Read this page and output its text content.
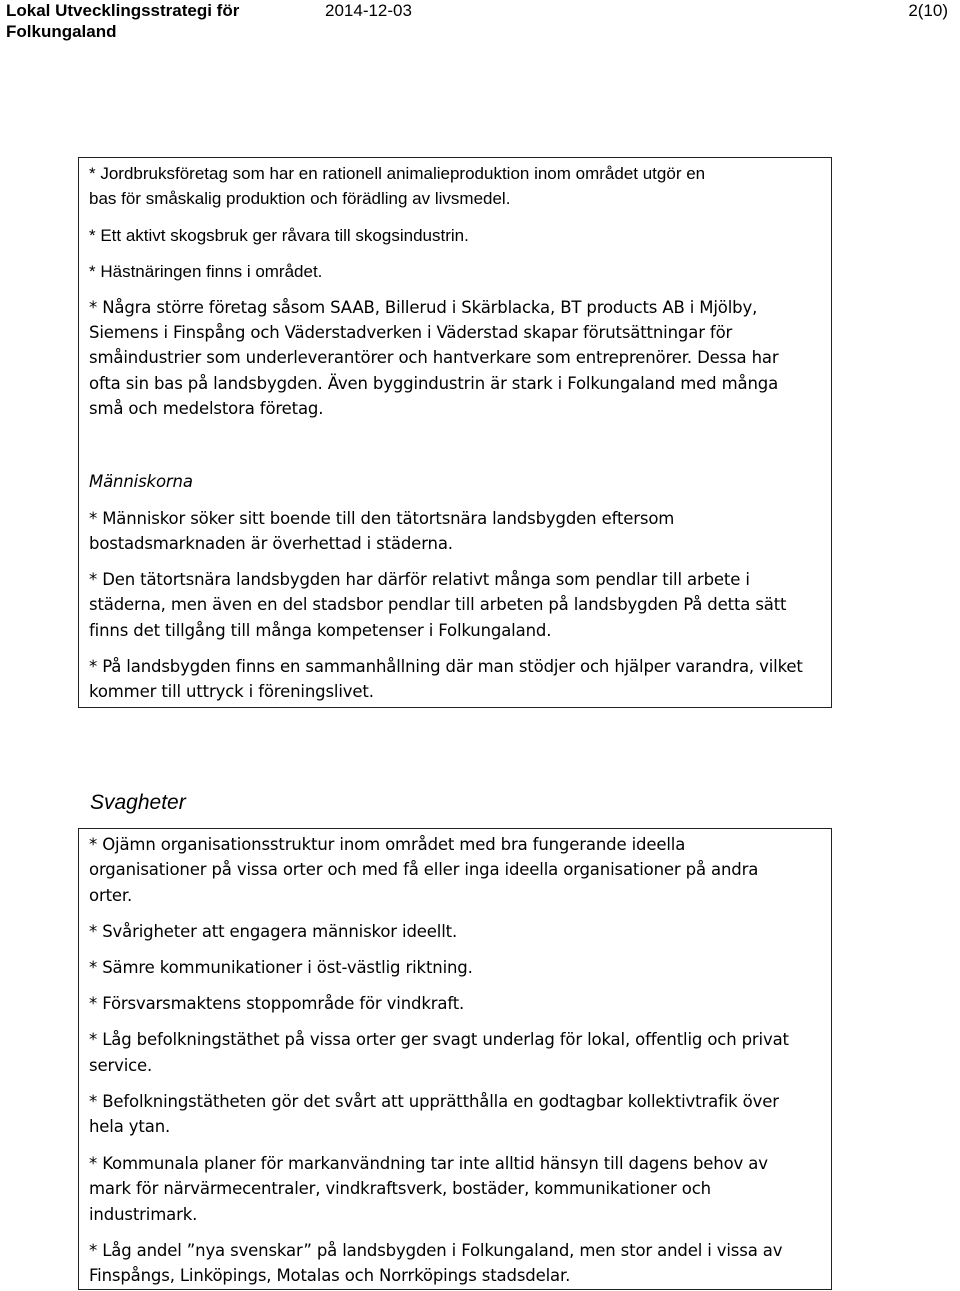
Lokal Utvecklingsstrategi för
Folkungaland
2014-12-03	2(10)

* Jordbruksföretag som har en rationell animalieproduktion inom området utgör en

bas för småskalig produktion och förädling av livsmedel.

* Ett aktivt skogsbruk ger råvara till skogsindustrin.

* Hästnäringen finns i området.

* Några större företag såsom SAAB, Billerud i Skärblacka, BT products AB i Mjölby,

Siemens i Finspång och Väderstadverken i Väderstad skapar förutsättningar för

småindustrier som underleverantörer och hantverkare som entreprenörer. Dessa har

ofta sin bas på landsbygden. Även byggindustrin är stark i Folkungaland med många

små och medelstora företag.

Människorna

* Människor söker sitt boende till den tätortsnära landsbygden eftersom

bostadsmarknaden är överhettad i städerna.

* Den tätortsnära landsbygden har därför relativt många som pendlar till arbete i

städerna, men även en del stadsbor pendlar till arbeten på landsbygden På detta sätt

finns det tillgång till många kompetenser i Folkungaland.

* På landsbygden finns en sammanhållning där man stödjer och hjälper varandra, vilket

kommer till uttryck i föreningslivet.

Svagheter

* Ojämn organisationsstruktur inom området med bra fungerande ideella

organisationer på vissa orter och med få eller inga ideella organisationer på andra

orter.

* Svårigheter att engagera människor ideellt.

* Sämre kommunikationer i öst-västlig riktning.

* Försvarsmaktens stoppområde för vindkraft.

* Låg befolkningstäthet på vissa orter ger svagt underlag för lokal, offentlig och privat

service.

* Befolkningstätheten gör det svårt att upprätthålla en godtagbar kollektivtrafik över

hela ytan.

* Kommunala planer för markanvändning tar inte alltid hänsyn till dagens behov av

mark för närvärmecentraler, vindkraftsverk, bostäder, kommunikationer och

industrimark.

* Låg andel ”nya svenskar” på landsbygden i Folkungaland, men stor andel i vissa av

Finspångs, Linköpings, Motalas och Norrköpings stadsdelar.
